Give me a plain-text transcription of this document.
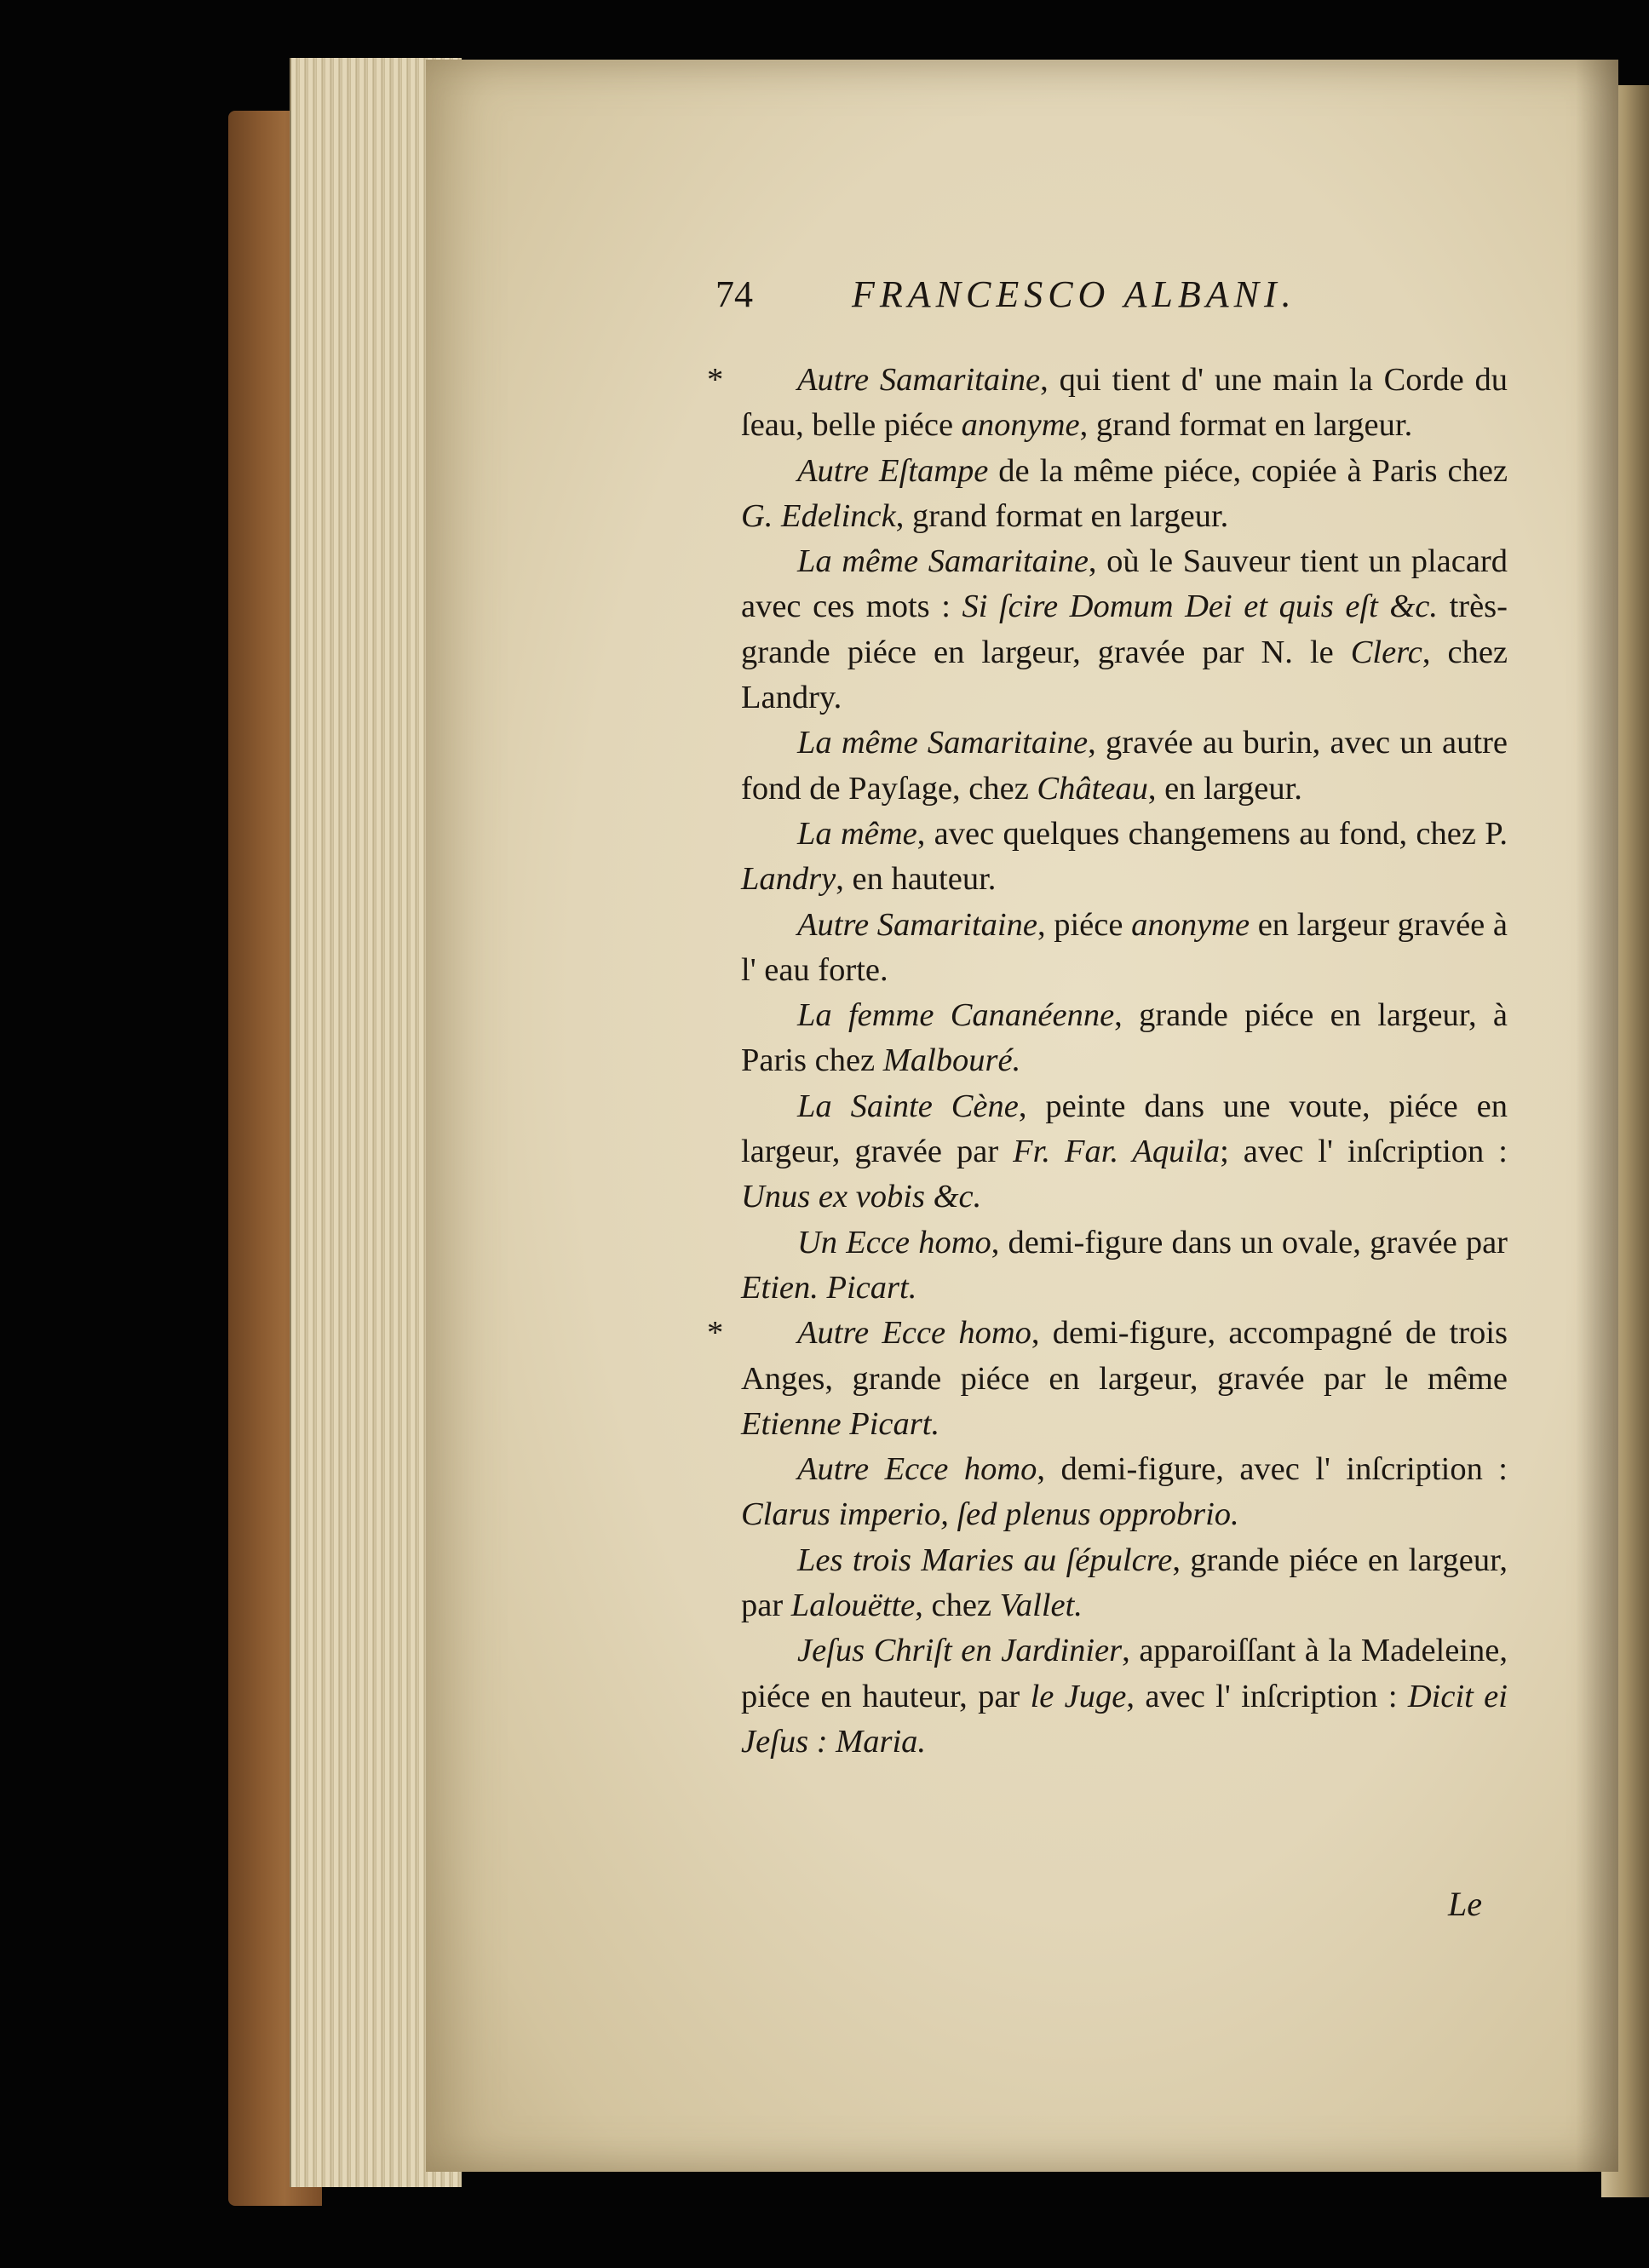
74	FRANCESCO ALBANI.

* Autre Samaritaine, qui tient d' une main la Corde du ſeau, belle piéce anonyme, grand format en largeur.

Autre Eſtampe de la même piéce, copiée à Paris chez G. Edelinck, grand format en largeur.

La même Samaritaine, où le Sauveur tient un placard avec ces mots : Si ſcire Domum Dei et quis eſt &c. très-grande piéce en largeur, gravée par N. le Clerc, chez Landry.

La même Samaritaine, gravée au burin, avec un autre fond de Payſage, chez Château, en largeur.

La même, avec quelques changemens au fond, chez P. Landry, en hauteur.

Autre Samaritaine, piéce anonyme en largeur gravée à l' eau forte.

La femme Cananéenne, grande piéce en largeur, à Paris chez Malbouré.

La Sainte Cène, peinte dans une voute, piéce en largeur, gravée par Fr. Far. Aquila; avec l' inſcription : Unus ex vobis &c.

Un Ecce homo, demi-figure dans un ovale, gravée par Etien. Picart.

* Autre Ecce homo, demi-figure, accompagné de trois Anges, grande piéce en largeur, gravée par le même Etienne Picart.

Autre Ecce homo, demi-figure, avec l' inſcription : Clarus imperio, ſed plenus opprobrio.

Les trois Maries au ſépulcre, grande piéce en largeur, par Lalouëtte, chez Vallet.

Jeſus Chriſt en Jardinier, apparoiſſant à la Madeleine, piéce en hauteur, par le Juge, avec l' inſcription : Dicit ei Jeſus : Maria.

Le
